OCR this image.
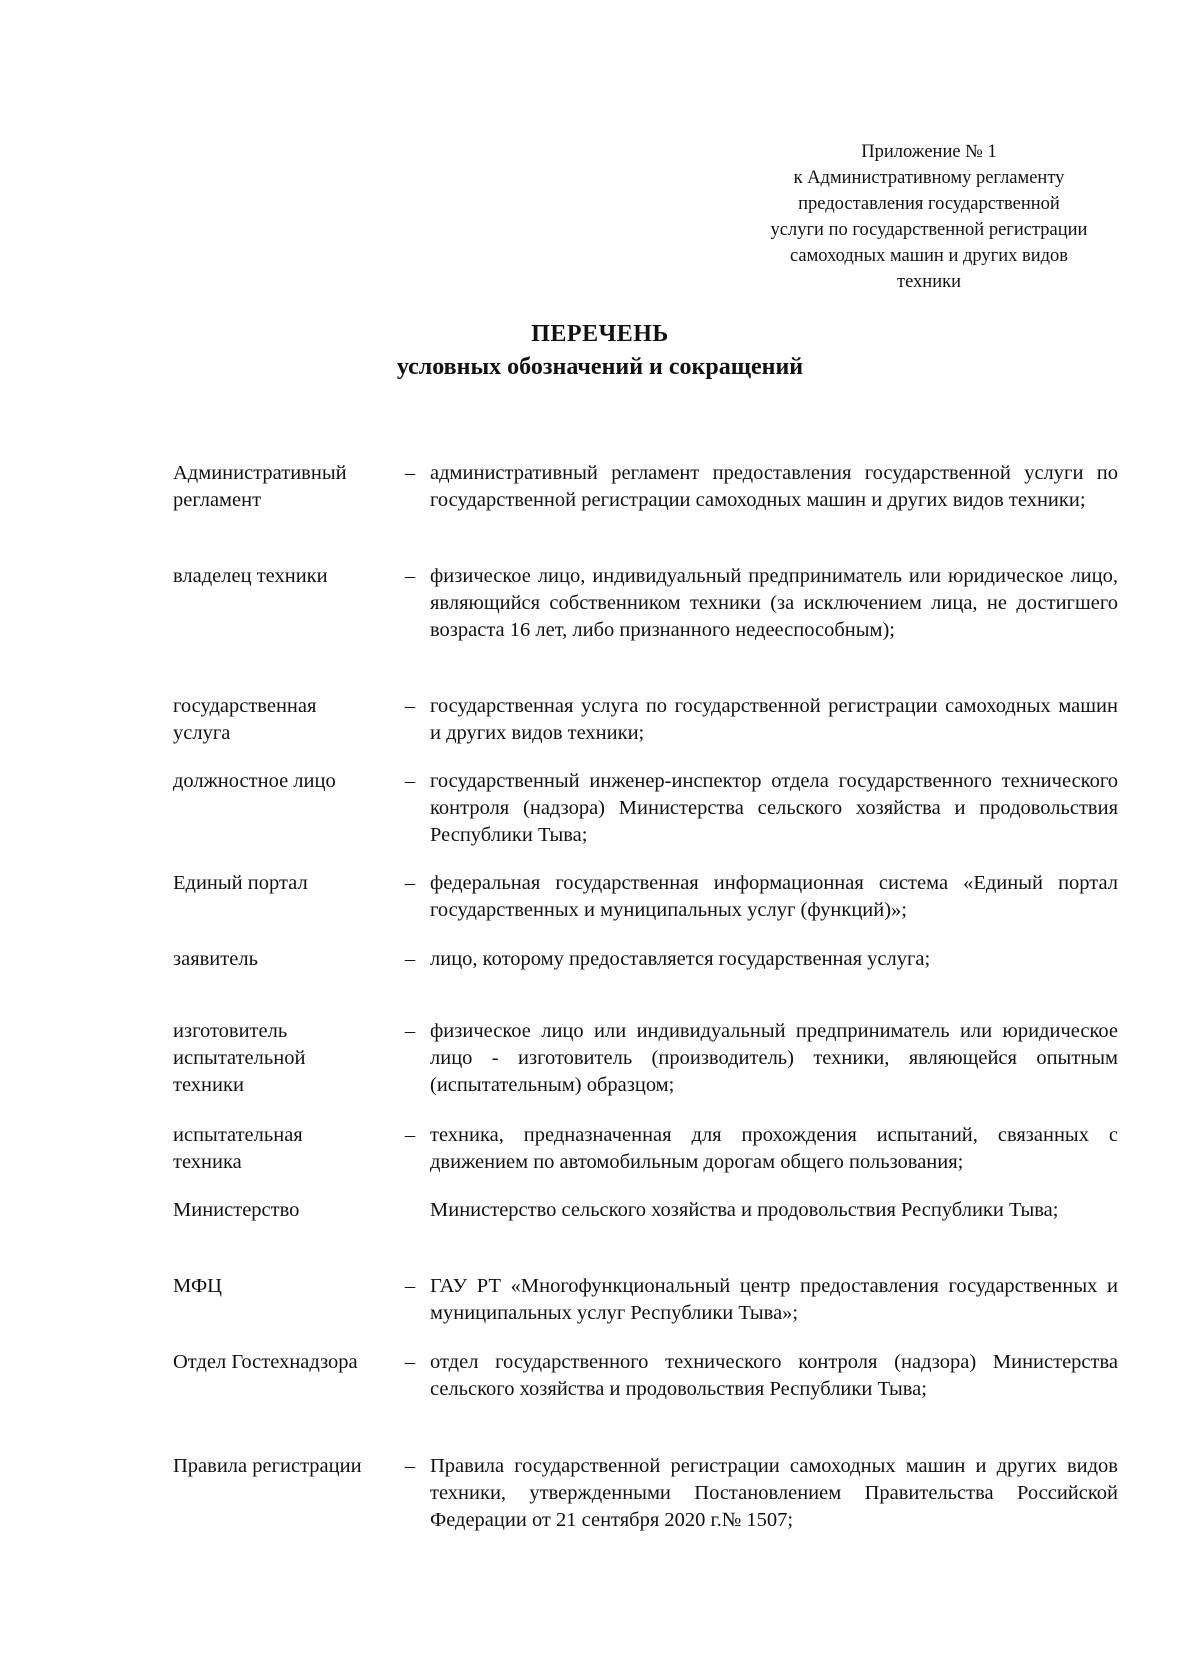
Приложение № 1
к Административному регламенту
предоставления государственной
услуги по государственной регистрации
самоходных машин и других видов
техники
ПЕРЕЧЕНЬ
условных обозначений и сокращений
Административный регламент
– административный регламент предоставления государственной услуги по государственной регистрации самоходных машин и других видов техники;
владелец техники	– физическое лицо, индивидуальный предприниматель или юридическое лицо, являющийся собственником техники (за исключением лица, не достигшего возраста 16 лет, либо признанного недееспособным);
государственная услуга
– государственная услуга по государственной регистрации самоходных машин и других видов техники;
должностное лицо	– государственный инженер-инспектор отдела государственного технического контроля (надзора) Министерства сельского хозяйства и продовольствия Республики Тыва;
Единый портал	– федеральная государственная информационная система «Единый портал государственных и муниципальных услуг (функций)»;
заявитель	– лицо, которому предоставляется государственная услуга;
изготовитель испытательной техники
– физическое лицо или индивидуальный предприниматель или юридическое лицо - изготовитель (производитель) техники, являющейся опытным (испытательным) образцом;
испытательная техника
– техника, предназначенная для прохождения испытаний, связанных с движением по автомобильным дорогам общего пользования;
Министерство	Министерство сельского хозяйства и продовольствия Республики Тыва;
МФЦ	– ГАУ РТ «Многофункциональный центр предоставления государственных и муниципальных услуг Республики Тыва»;
Отдел Гостехнадзора	– отдел государственного технического контроля (надзора) Министерства сельского хозяйства и продовольствия Республики Тыва;
Правила регистрации	– Правила государственной регистрации самоходных машин и других видов техники, утвержденными Постановлением Правительства Российской Федерации от 21 сентября 2020 г.№ 1507;
